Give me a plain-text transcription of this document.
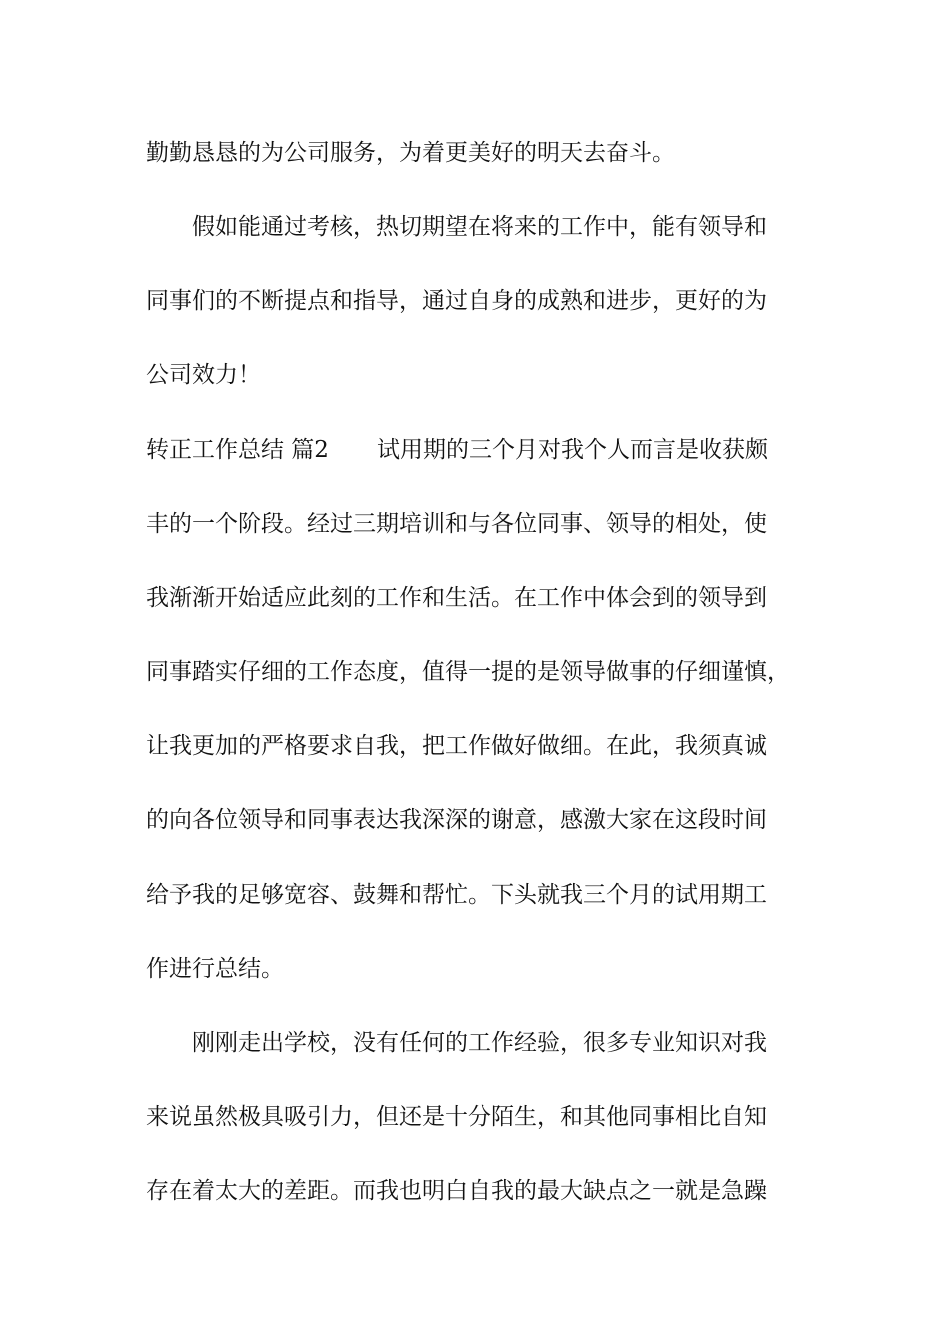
勤勤恳恳的为公司服务，为着更美好的明天去奋斗。
假如能通过考核，热切期望在将来的工作中，能有领导和
同事们的不断提点和指导，通过自身的成熟和进步，更好的为
公司效力！
转正工作总结 篇2 试用期的三个月对我个人而言是收获颇
丰的一个阶段。经过三期培训和与各位同事、领导的相处，使
我渐渐开始适应此刻的工作和生活。在工作中体会到的领导到
同事踏实仔细的工作态度，值得一提的是领导做事的仔细谨慎，
让我更加的严格要求自我，把工作做好做细。在此，我须真诚
的向各位领导和同事表达我深深的谢意，感激大家在这段时间
给予我的足够宽容、鼓舞和帮忙。下头就我三个月的试用期工
作进行总结。
刚刚走出学校，没有任何的工作经验，很多专业知识对我
来说虽然极具吸引力，但还是十分陌生，和其他同事相比自知
存在着太大的差距。而我也明白自我的最大缺点之一就是急躁
